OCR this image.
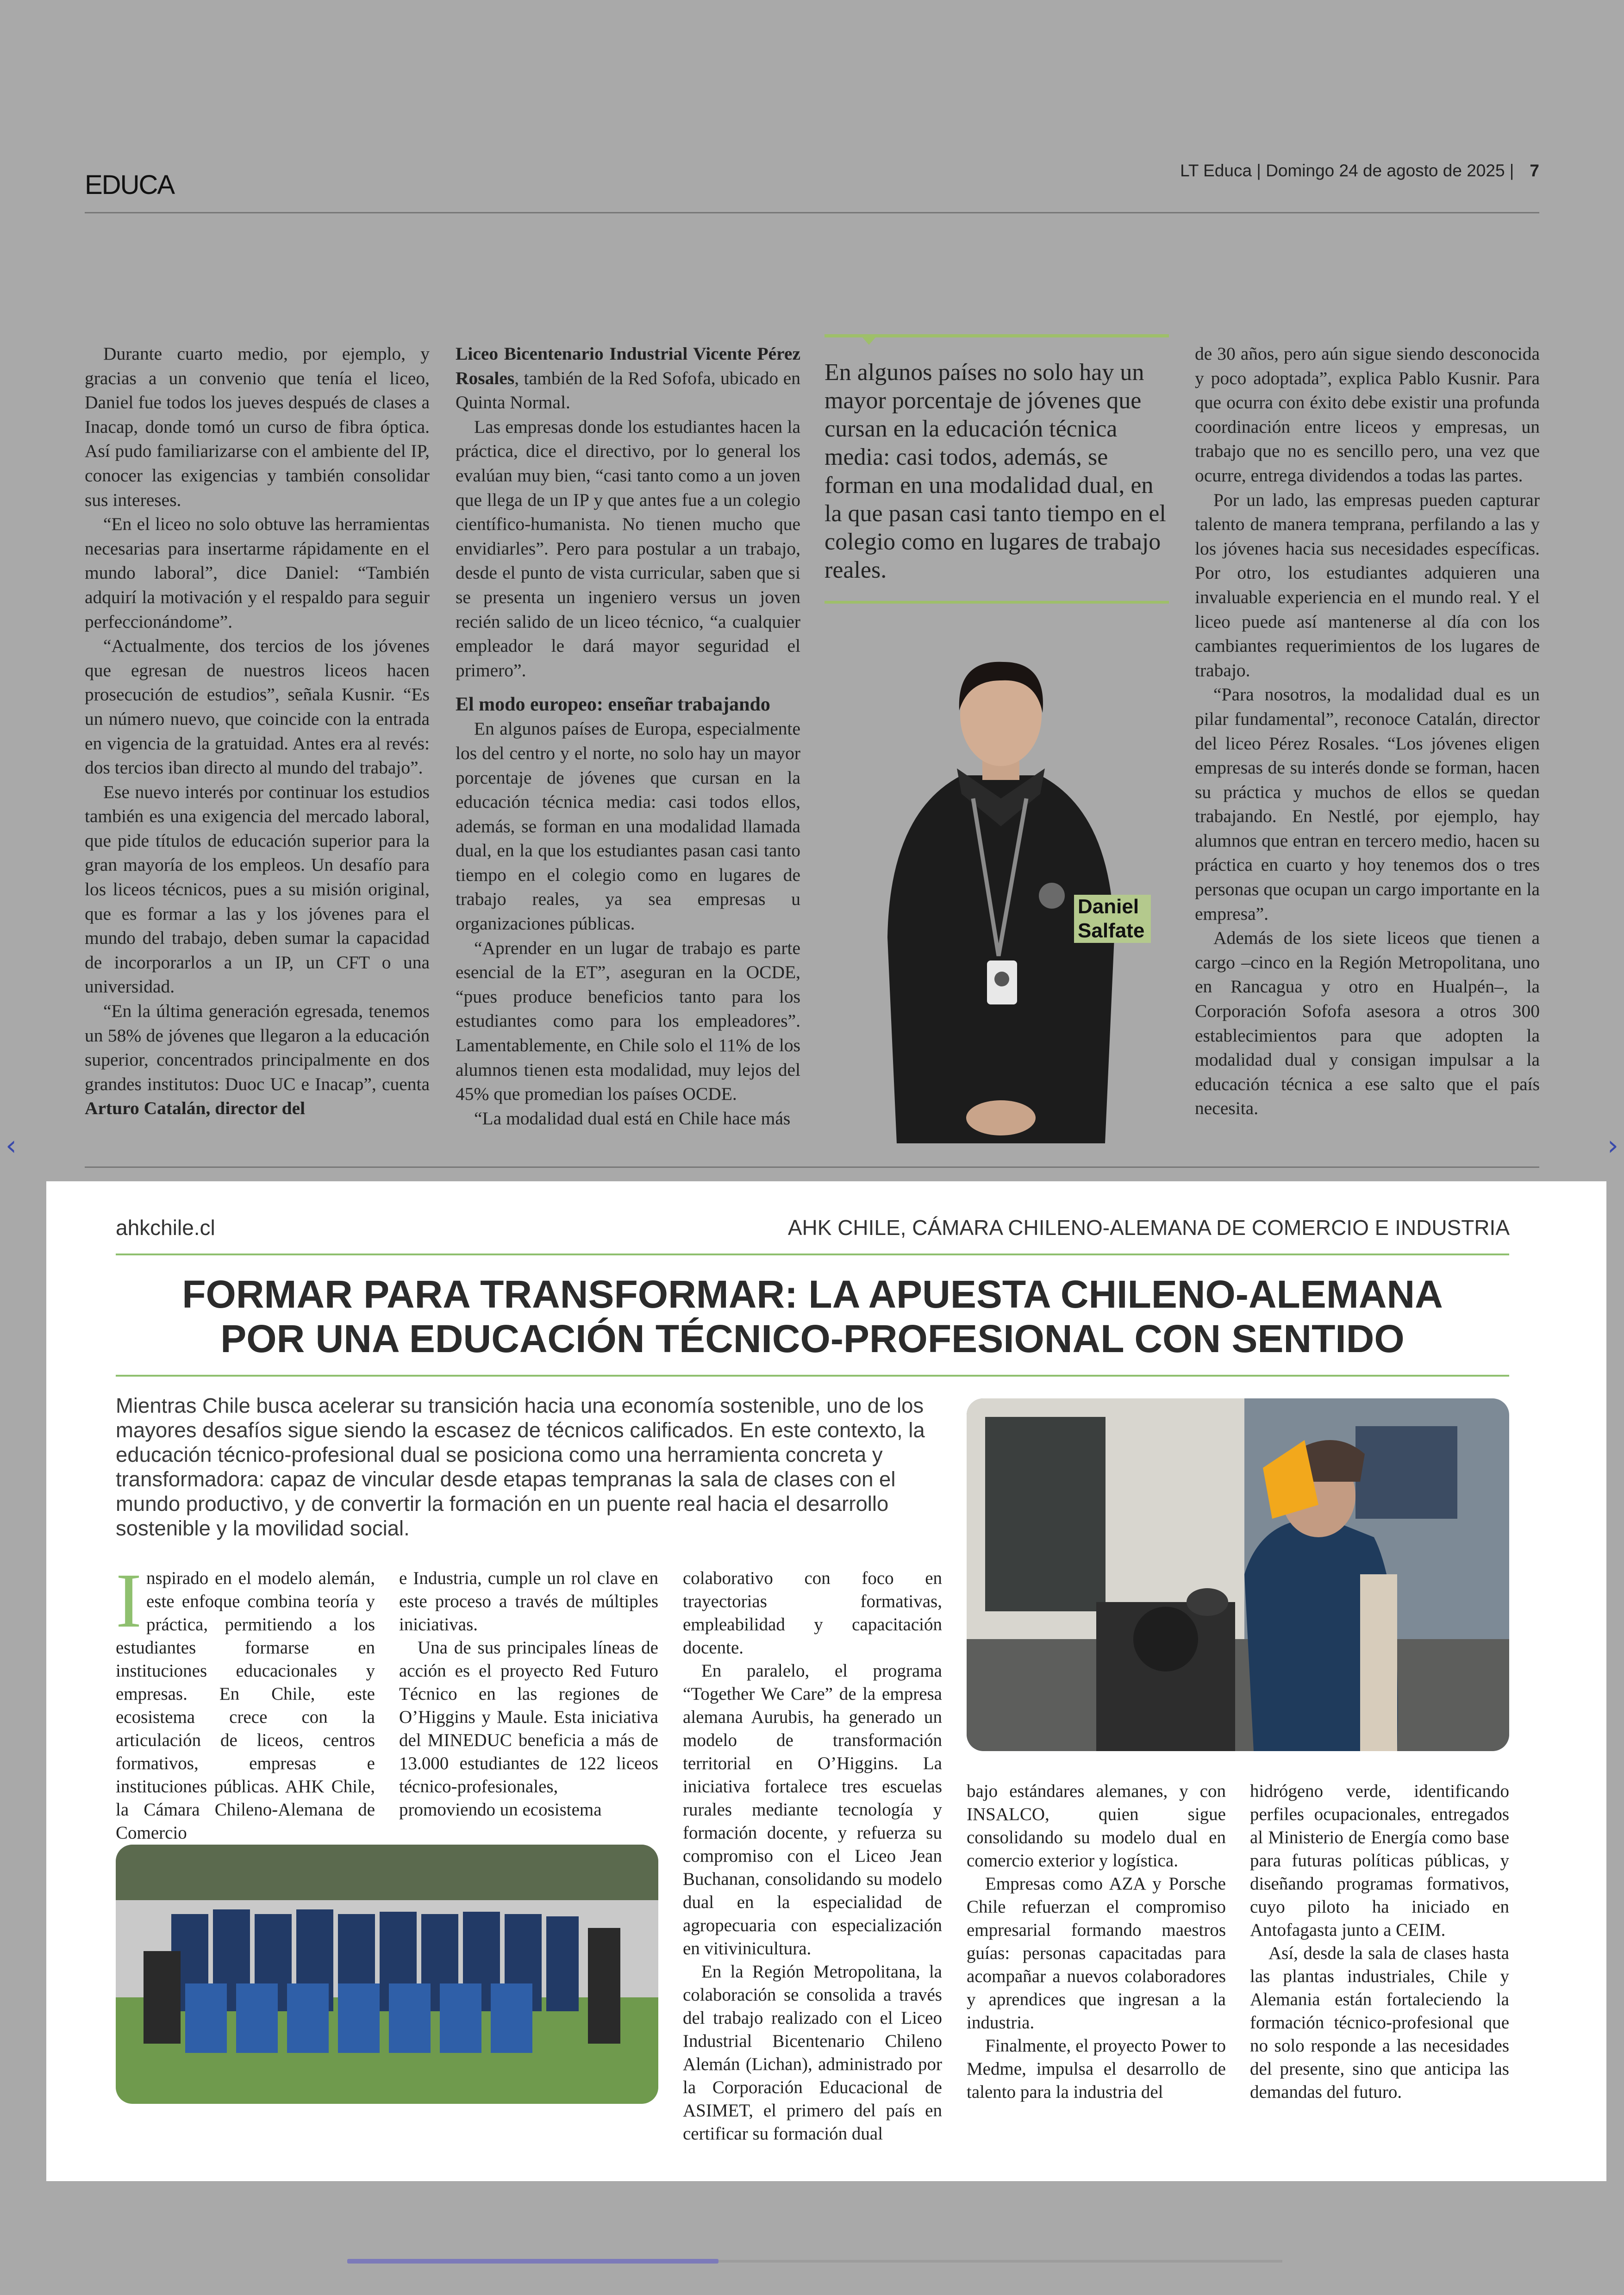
EDUCA	LT Educa | Domingo 24 de agosto de 2025 | 7

Durante cuarto medio, por ejemplo, y gracias a un convenio que tenía el liceo, Daniel fue todos los jueves después de clases a Inacap, donde tomó un curso de fibra óptica. Así pudo familiarizarse con el ambiente del IP, conocer las exigencias y también consolidar sus intereses.

“En el liceo no solo obtuve las herramientas necesarias para insertarme rápidamente en el mundo laboral”, dice Daniel: “También adquirí la motivación y el respaldo para seguir perfeccionándome”.

“Actualmente, dos tercios de los jóvenes que egresan de nuestros liceos hacen prosecución de estudios”, señala Kusnir. “Es un número nuevo, que coincide con la entrada en vigencia de la gratuidad. Antes era al revés: dos tercios iban directo al mundo del trabajo”.

Ese nuevo interés por continuar los estudios también es una exigencia del mercado laboral, que pide títulos de educación superior para la gran mayoría de los empleos. Un desafío para los liceos técnicos, pues a su misión original, que es formar a las y los jóvenes para el mundo del trabajo, deben sumar la capacidad de incorporarlos a un IP, un CFT o una universidad.

“En la última generación egresada, tenemos un 58% de jóvenes que llegaron a la educación superior, concentrados principalmente en dos grandes institutos: Duoc UC e Inacap”, cuenta Arturo Catalán, director del

Liceo Bicentenario Industrial Vicente Pérez Rosales, también de la Red Sofofa, ubicado en Quinta Normal.

Las empresas donde los estudiantes hacen la práctica, dice el directivo, por lo general los evalúan muy bien, “casi tanto como a un joven que llega de un IP y que antes fue a un colegio científico-humanista. No tienen mucho que envidiarles”. Pero para postular a un trabajo, desde el punto de vista curricular, saben que si se presenta un ingeniero versus un joven recién salido de un liceo técnico, “a cualquier empleador le dará mayor seguridad el primero”.

El modo europeo: enseñar trabajando

En algunos países de Europa, especialmente los del centro y el norte, no solo hay un mayor porcentaje de jóvenes que cursan en la educación técnica media: casi todos ellos, además, se forman en una modalidad llamada dual, en la que los estudiantes pasan casi tanto tiempo en el colegio como en lugares de trabajo reales, ya sea empresas u organizaciones públicas.

“Aprender en un lugar de trabajo es parte esencial de la ET”, aseguran en la OCDE, “pues produce beneficios tanto para los estudiantes como para los empleadores”. Lamentablemente, en Chile solo el 11% de los alumnos tienen esta modalidad, muy lejos del 45% que promedian los países OCDE.

“La modalidad dual está en Chile hace más

En algunos países no solo hay un mayor porcentaje de jóvenes que cursan en la educación técnica media: casi todos, además, se forman en una modalidad dual, en la que pasan casi tanto tiempo en el colegio como en lugares de trabajo reales.
Daniel Salfate

de 30 años, pero aún sigue siendo desconocida y poco adoptada”, explica Pablo Kusnir. Para que ocurra con éxito debe existir una profunda coordinación entre liceos y empresas, un trabajo que no es sencillo pero, una vez que ocurre, entrega dividendos a todas las partes.

Por un lado, las empresas pueden capturar talento de manera temprana, perfilando a las y los jóvenes hacia sus necesidades específicas. Por otro, los estudiantes adquieren una invaluable experiencia en el mundo real. Y el liceo puede así mantenerse al día con los cambiantes requerimientos de los lugares de trabajo.

“Para nosotros, la modalidad dual es un pilar fundamental”, reconoce Catalán, director del liceo Pérez Rosales. “Los jóvenes eligen empresas de su interés donde se forman, hacen su práctica y muchos de ellos se quedan trabajando. En Nestlé, por ejemplo, hay alumnos que entran en tercero medio, hacen su práctica en cuarto y hoy tenemos dos o tres personas que ocupan un cargo importante en la empresa”.

Además de los siete liceos que tienen a cargo –cinco en la Región Metropolitana, uno en Rancagua y otro en Hualpén–, la Corporación Sofofa asesora a otros 300 establecimientos para que adopten la modalidad dual y consigan impulsar a la educación técnica a ese salto que el país necesita.

‹	›
ahkchile.cl	AHK CHILE, CÁMARA CHILENO-ALEMANA DE COMERCIO E INDUSTRIA
FORMAR PARA TRANSFORMAR: LA APUESTA CHILENO-ALEMANA
POR UNA EDUCACIÓN TÉCNICO-PROFESIONAL CON SENTIDO
Mientras Chile busca acelerar su transición hacia una economía sostenible, uno de los mayores desafíos sigue siendo la escasez de técnicos calificados. En este contexto, la educación técnico-profesional dual se posiciona como una herramienta concreta y transformadora: capaz de vincular desde etapas tempranas la sala de clases con el mundo productivo, y de convertir la formación en un puente real hacia el desarrollo sostenible y la movilidad social.

Inspirado en el modelo alemán, este enfoque combina teoría y práctica, permitiendo a los estudiantes formarse en instituciones educacionales y empresas. En Chile, este ecosistema crece con la articulación de liceos, centros formativos, empresas e instituciones públicas. AHK Chile, la Cámara Chileno-Alemana de Comercio

e Industria, cumple un rol clave en este proceso a través de múltiples iniciativas.

Una de sus principales líneas de acción es el proyecto Red Futuro Técnico en las regiones de O’Higgins y Maule. Esta iniciativa del MINEDUC beneficia a más de 13.000 estudiantes de 122 liceos técnico-profesionales, promoviendo un ecosistema

colaborativo con foco en trayectorias formativas, empleabilidad y capacitación docente.

En paralelo, el programa “Together We Care” de la empresa alemana Aurubis, ha generado un modelo de transformación territorial en O’Higgins. La iniciativa fortalece tres escuelas rurales mediante tecnología y formación docente, y refuerza su compromiso con el Liceo Jean Buchanan, consolidando su modelo dual en la especialidad de agropecuaria con especialización en vitivinicultura.

En la Región Metropolitana, la colaboración se consolida a través del trabajo realizado con el Liceo Industrial Bicentenario Chileno Alemán (Lichan), administrado por la Corporación Educacional de ASIMET, el primero del país en certificar su formación dual

bajo estándares alemanes, y con INSALCO, quien sigue consolidando su modelo dual en comercio exterior y logística.

Empresas como AZA y Porsche Chile refuerzan el compromiso empresarial formando maestros guías: personas capacitadas para acompañar a nuevos colaboradores y aprendices que ingresan a la industria.

Finalmente, el proyecto Power to Medme, impulsa el desarrollo de talento para la industria del

hidrógeno verde, identificando perfiles ocupacionales, entregados al Ministerio de Energía como base para futuras políticas públicas, y diseñando programas formativos, cuyo piloto ha iniciado en Antofagasta junto a CEIM.

Así, desde la sala de clases hasta las plantas industriales, Chile y Alemania están fortaleciendo la formación técnico-profesional que no solo responde a las necesidades del presente, sino que anticipa las demandas del futuro.
